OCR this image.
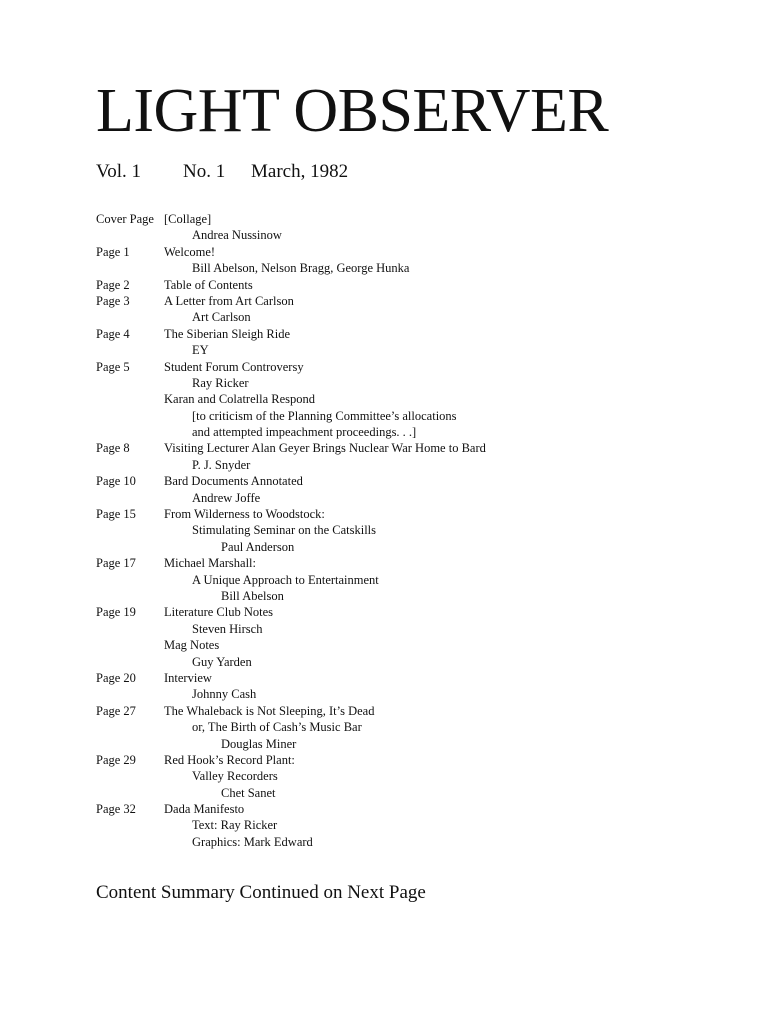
LIGHT OBSERVER
Vol. 1 No. 1 March, 1982
Cover Page [Collage]
Andrea Nussinow
Page 1	Welcome!
Bill Abelson, Nelson Bragg, George Hunka
Page 2	Table of Contents
Page 3	A Letter from Art Carlson
Art Carlson
Page 4	The Siberian Sleigh Ride
EY
Page 5	Student Forum Controversy
Ray Ricker
Karan and Colatrella Respond
[to criticism of the Planning Committee’s allocations
and attempted impeachment proceedings. . .]
Page 8	Visiting Lecturer Alan Geyer Brings Nuclear War Home to Bard
P. J. Snyder
Page 10 Bard Documents Annotated
Andrew Joffe
Page 15 From Wilderness to Woodstock:
Stimulating Seminar on the Catskills
Paul Anderson
Page 17 Michael Marshall:
A Unique Approach to Entertainment
Bill Abelson
Page 19 Literature Club Notes
Steven Hirsch
Mag Notes
Guy Yarden
Page 20 Interview
Johnny Cash
Page 27 The Whaleback is Not Sleeping, It’s Dead
or, The Birth of Cash’s Music Bar
Douglas Miner
Page 29 Red Hook’s Record Plant:
Valley Recorders
Chet Sanet
Page 32 Dada Manifesto
Text: Ray Ricker
Graphics: Mark Edward
Content Summary Continued on Next Page
